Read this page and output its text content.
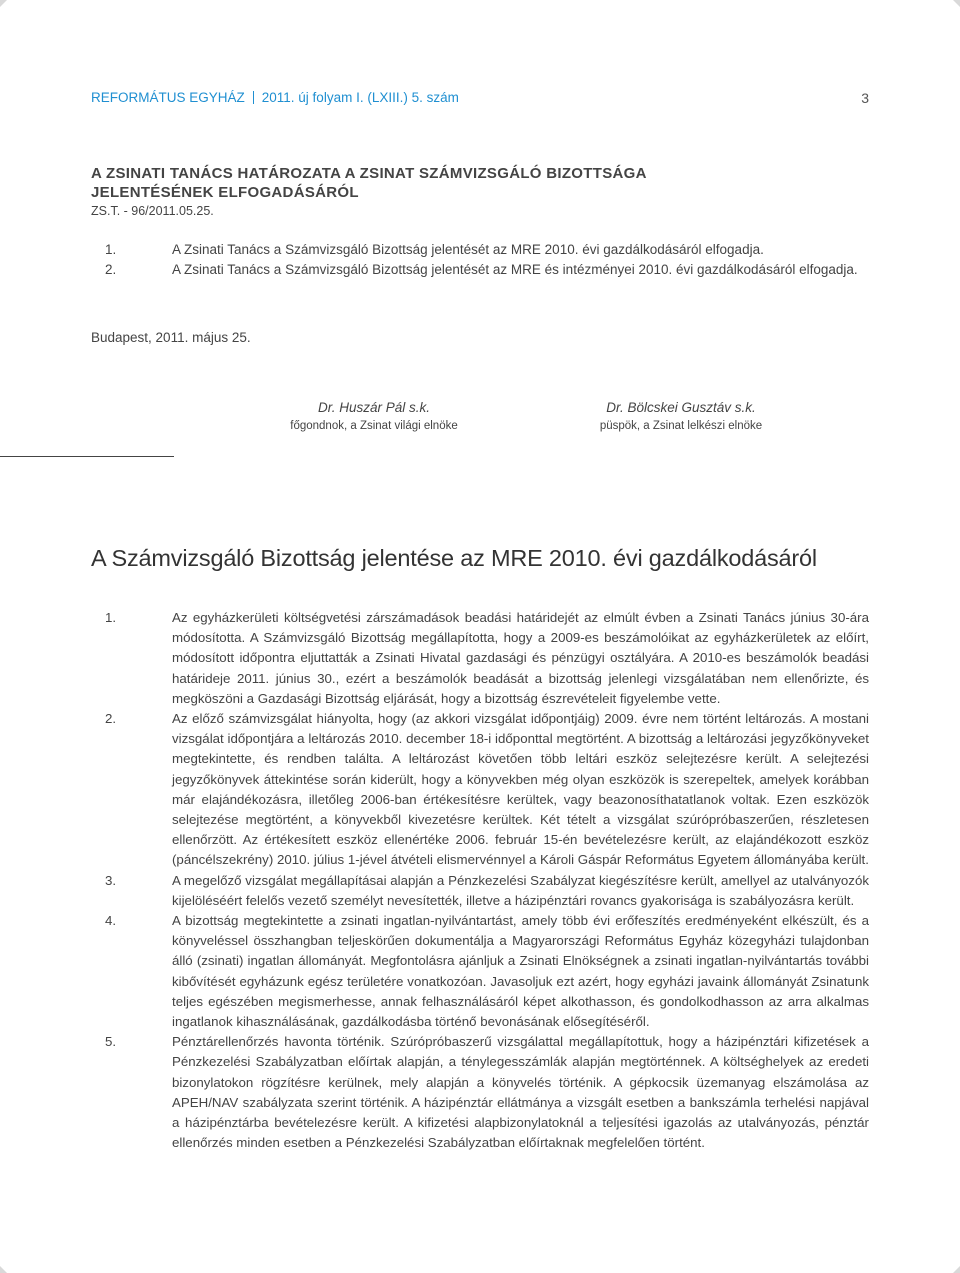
REFORMÁTUS EGYHÁZ 2011. új folyam I. (LXIII.) 5. szám	3

A ZSINATI TANÁCS HATÁROZATA A ZSINAT SZÁMVIZSGÁLÓ BIZOTTSÁGA

JELENTÉSÉNEK ELFOGADÁSÁRÓL

ZS.T. - 96/2011.05.25.

1.	A Zsinati Tanács a Számvizsgáló Bizottság jelentését az MRE 2010. évi gazdálkodásáról elfogadja.

2.	A Zsinati Tanács a Számvizsgáló Bizottság jelentését az MRE és intézményei 2010. évi gazdálkodásáról elfogadja.

Budapest, 2011. május 25.
Dr. Huszár Pál s.k.
főgondnok, a Zsinat világi elnöke
Dr. Bölcskei Gusztáv s.k.
püspök, a Zsinat lelkészi elnöke
A Számvizsgáló Bizottság jelentése az MRE 2010. évi gazdálkodásáról

1.	Az egyházkerületi költségvetési zárszámadások beadási határidejét az elmúlt évben a Zsinati Tanács június 30-ára módosította. A Számvizsgáló Bizottság megállapította, hogy a 2009-es beszámolóikat az egyházkerületek az előírt, módosított időpontra eljuttatták a Zsinati Hivatal gazdasági és pénzügyi osztályára. A 2010-es beszámolók beadási határideje 2011. június 30., ezért a beszámolók beadását a bizottság jelenlegi vizsgálatában nem ellenőrizte, és megköszöni a Gazdasági Bizottság eljárását, hogy a bizottság észrevételeit figyelembe vette.

2.	Az előző számvizsgálat hiányolta, hogy (az akkori vizsgálat időpontjáig) 2009. évre nem történt leltározás. A mostani vizsgálat időpontjára a leltározás 2010. december 18-i időponttal megtörtént. A bizottság a leltározási jegyzőkönyveket megtekintette, és rendben találta. A leltározást követően több leltári eszköz selejtezésre került. A selejtezési jegyzőkönyvek áttekintése során kiderült, hogy a könyvekben még olyan eszközök is szerepeltek, amelyek korábban már elajándékozásra, illetőleg 2006-ban értékesítésre kerültek, vagy beazonosíthatatlanok voltak. Ezen eszközök selejtezése megtörtént, a könyvekből kivezetésre kerültek. Két tételt a vizsgálat szúrópróbaszerűen, részletesen ellenőrzött. Az értékesített eszköz ellenértéke 2006. február 15-én bevételezésre került, az elajándékozott eszköz (páncélszekrény) 2010. július 1-jével átvételi elismervénnyel a Károli Gáspár Református Egyetem állományába került.

3.	A megelőző vizsgálat megállapításai alapján a Pénzkezelési Szabályzat kiegészítésre került, amellyel az utalványozók kijelöléséért felelős vezető személyt nevesítették, illetve a házipénztári rovancs gyakorisága is szabályozásra került.

4.	A bizottság megtekintette a zsinati ingatlan-nyilvántartást, amely több évi erőfeszítés eredményeként elkészült, és a könyveléssel összhangban teljeskörűen dokumentálja a Magyarországi Református Egyház közegyházi tulajdonban álló (zsinati) ingatlan állományát. Megfontolásra ajánljuk a Zsinati Elnökségnek a zsinati ingatlan-nyilvántartás további kibővítését egyházunk egész területére vonatkozóan. Javasoljuk ezt azért, hogy egyházi javaink állományát Zsinatunk teljes egészében megismerhesse, annak felhasználásáról képet alkothasson, és gondolkodhasson az arra alkalmas ingatlanok kihasználásának, gazdálkodásba történő bevonásának elősegítéséről.

5.	Pénztárellenőrzés havonta történik. Szúrópróbaszerű vizsgálattal megállapítottuk, hogy a házipénztári kifizetések a Pénzkezelési Szabályzatban előírtak alapján, a ténylegesszámlák alapján megtörténnek. A költséghelyek az eredeti bizonylatokon rögzítésre kerülnek, mely alapján a könyvelés történik. A gépkocsik üzemanyag elszámolása az APEH/NAV szabályzata szerint történik. A házipénztár ellátmánya a vizsgált esetben a bankszámla terhelési napjával a házipénztárba bevételezésre került. A kifizetési alapbizonylatoknál a teljesítési igazolás az utalványozás, pénztár ellenőrzés minden esetben a Pénzkezelési Szabályzatban előírtaknak megfelelően történt.
